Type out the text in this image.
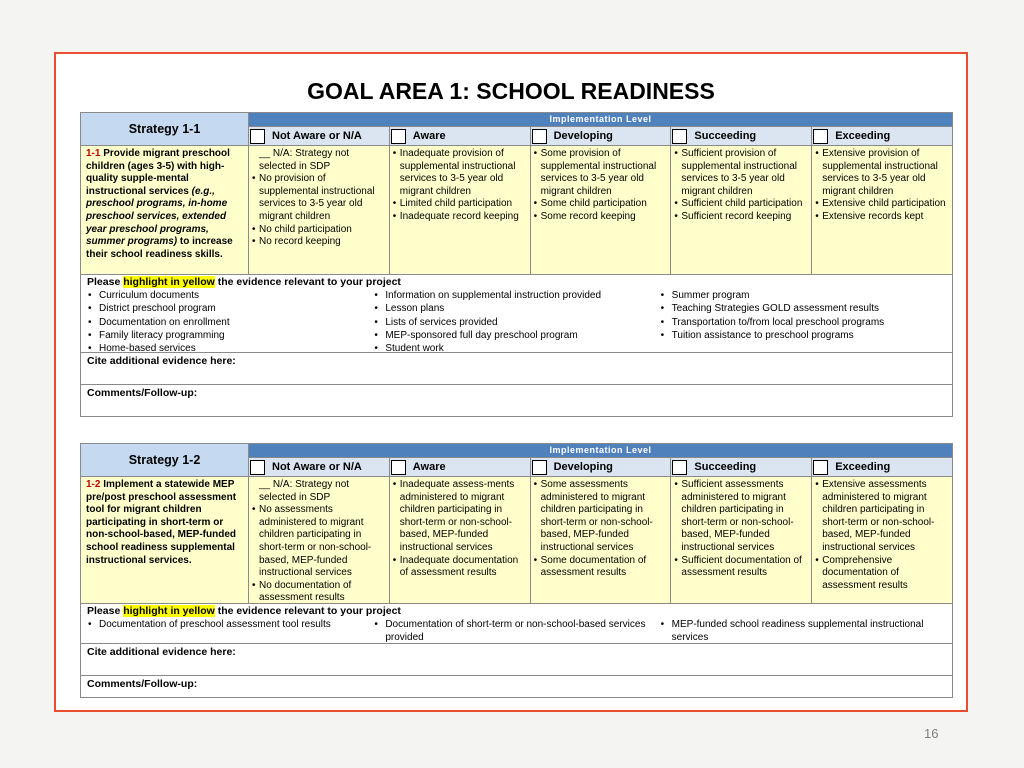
GOAL AREA 1: SCHOOL READINESS
Strategy 1-1
Implementation Level
Not Aware or N/A	Aware	Developing	Succeeding	Exceeding
1-1 Provide migrant preschool children (ages 3-5) with high-quality supple-mental instructional services (e.g., preschool programs, in-home preschool services, extended year preschool programs, summer programs) to increase their school readiness skills.
__ N/A: Strategy not selected in SDP
• No provision of supplemental instructional services to 3-5 year old migrant children
• No child participation
• No record keeping
• Inadequate provision of supplemental instructional services to 3-5 year old migrant children
• Limited child participation
• Inadequate record keeping
• Some provision of supplemental instructional services to 3-5 year old migrant children
• Some child participation
• Some record keeping
• Sufficient provision of supplemental instructional services to 3-5 year old migrant children
• Sufficient child participation
• Sufficient record keeping
• Extensive provision of supplemental instructional services to 3-5 year old migrant children
• Extensive child participation
• Extensive records kept
Please highlight in yellow the evidence relevant to your project
• Curriculum documents
• District preschool program
• Documentation on enrollment
• Family literacy programming
• Home-based services
• Information on supplemental instruction provided
• Lesson plans
• Lists of services provided
• MEP-sponsored full day preschool program
• Student work
• Summer program
• Teaching Strategies GOLD assessment results
• Transportation to/from local preschool programs
• Tuition assistance to preschool programs
Cite additional evidence here:
Comments/Follow-up:
Strategy 1-2
Implementation Level
Not Aware or N/A	Aware	Developing	Succeeding	Exceeding
1-2 Implement a statewide MEP pre/post preschool assessment tool for migrant children participating in short-term or non-school-based, MEP-funded school readiness supplemental instructional services.
__ N/A: Strategy not selected in SDP
• No assessments administered to migrant children participating in short-term or non-school-based, MEP-funded instructional services
• No documentation of assessment results
• Inadequate assess-ments administered to migrant children participating in short-term or non-school-based, MEP-funded instructional services
• Inadequate documentation of assessment results
• Some assessments administered to migrant children participating in short-term or non-school-based, MEP-funded instructional services
• Some documentation of assessment results
• Sufficient assessments administered to migrant children participating in short-term or non-school-based, MEP-funded instructional services
• Sufficient documentation of assessment results
• Extensive assessments administered to migrant children participating in short-term or non-school-based, MEP-funded instructional services
• Comprehensive documentation of assessment results
Please highlight in yellow the evidence relevant to your project
• Documentation of preschool assessment tool results
•	Documentation of short-term or non-school-based services provided
• MEP-funded school readiness supplemental instructional services
Cite additional evidence here:
Comments/Follow-up:
16
